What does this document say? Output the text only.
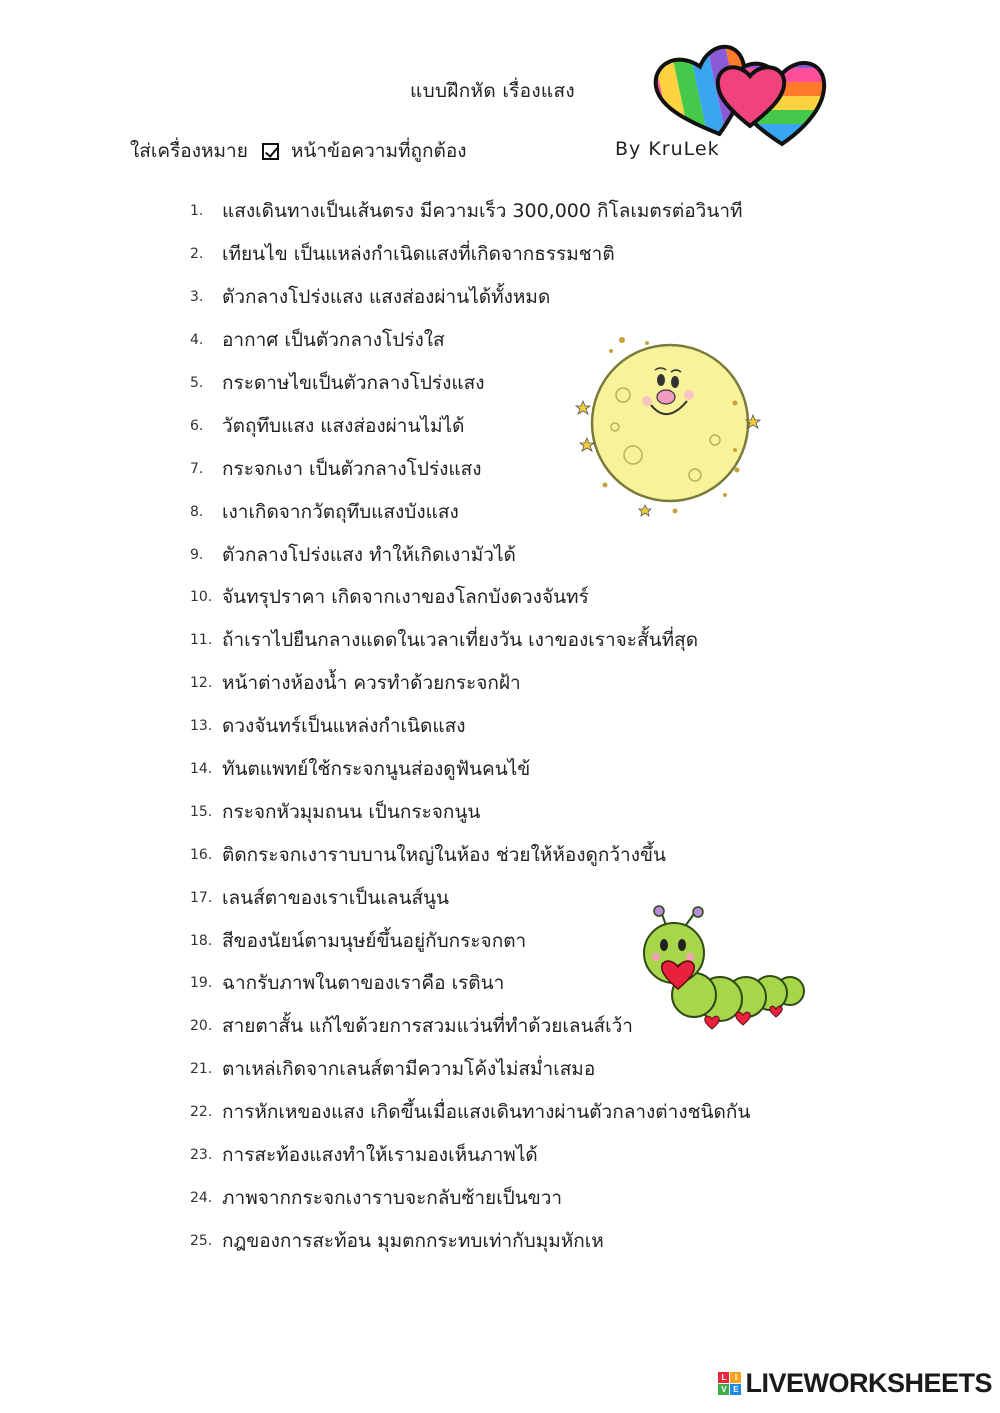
แบบฝึกหัด เรื่องแสง
ใส่เครื่องหมาย หน้าข้อความที่ถูกต้อง	By KruLek
1. แสงเดินทางเป็นเส้นตรง มีความเร็ว 300,000 กิโลเมตรต่อวินาที
2. เทียนไข เป็นแหล่งกำเนิดแสงที่เกิดจากธรรมชาติ
3. ตัวกลางโปร่งแสง แสงส่องผ่านได้ทั้งหมด
4. อากาศ เป็นตัวกลางโปร่งใส
5. กระดาษไขเป็นตัวกลางโปร่งแสง
6. วัตถุทึบแสง แสงส่องผ่านไม่ได้
7. กระจกเงา เป็นตัวกลางโปร่งแสง
8. เงาเกิดจากวัตถุทึบแสงบังแสง
9. ตัวกลางโปร่งแสง ทำให้เกิดเงามัวได้
10. จันทรุปราคา เกิดจากเงาของโลกบังดวงจันทร์
11. ถ้าเราไปยืนกลางแดดในเวลาเที่ยงวัน เงาของเราจะสั้นที่สุด
12. หน้าต่างห้องน้ำ ควรทำด้วยกระจกฝ้า
13. ดวงจันทร์เป็นแหล่งกำเนิดแสง
14. ทันตแพทย์ใช้กระจกนูนส่องดูฟันคนไข้
15. กระจกหัวมุมถนน เป็นกระจกนูน
16. ติดกระจกเงาราบบานใหญ่ในห้อง ช่วยให้ห้องดูกว้างขึ้น
17. เลนส์ตาของเราเป็นเลนส์นูน
18. สีของนัยน์ตามนุษย์ขึ้นอยู่กับกระจกตา
19. ฉากรับภาพในตาของเราคือ เรตินา
20. สายตาสั้น แก้ไขด้วยการสวมแว่นที่ทำด้วยเลนส์เว้า
21. ตาเหล่เกิดจากเลนส์ตามีความโค้งไม่สม่ำเสมอ
22. การหักเหของแสง เกิดขึ้นเมื่อแสงเดินทางผ่านตัวกลางต่างชนิดกัน
23. การสะท้องแสงทำให้เรามองเห็นภาพได้
24. ภาพจากกระจกเงาราบจะกลับซ้ายเป็นขวา
25. กฎของการสะท้อน มุมตกกระทบเท่ากับมุมหักเห
L	I
V E LIVEWORKSHEETS
